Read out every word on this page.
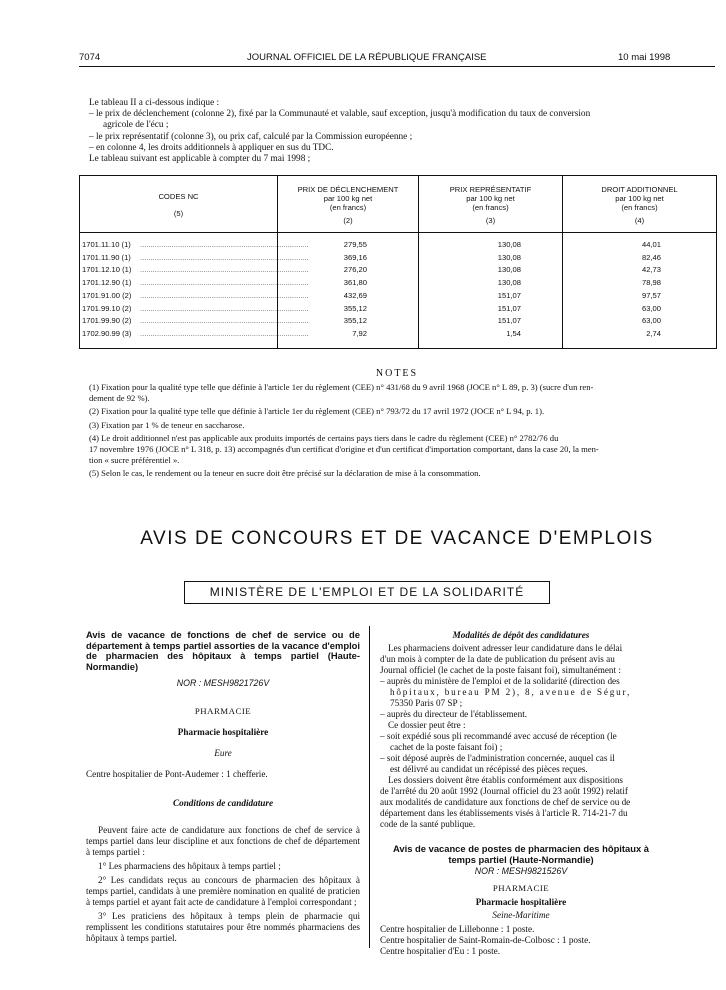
7074	JOURNAL OFFICIEL DE LA RÉPUBLIQUE FRANÇAISE	10 mai 1998

Le tableau II a ci-dessous indique :

– le prix de déclenchement (colonne 2), fixé par la Communauté et valable, sauf exception, jusqu'à modification du taux de conversion

agricole de l'écu ;

– le prix représentatif (colonne 3), ou prix caf, calculé par la Commission européenne ;

– en colonne 4, les droits additionnels à appliquer en sus du TDC.

Le tableau suivant est applicable à compter du 7 mai 1998 ;

CODES NC
(5)
PRIX DE DÉCLENCHEMENT
par 100 kg net
(en francs)
(2)
PRIX REPRÉSENTATIF
par 100 kg net
(en francs)
(3)
DROIT ADDITIONNEL
par 100 kg net
(en francs)
(4)
1701.11.10 (1) ................................................................................	279,55	130,08	44,01
1701.11.90 (1) ................................................................................	369,16	130,08	82,46
1701.12.10 (1) ................................................................................	276,20	130,08	42,73
1701.12.90 (1) ................................................................................	361,80	130,08	78,98
1701.91.00 (2) ................................................................................	432,69	151,07	97,57
1701.99.10 (2) ................................................................................	355,12	151,07	63,00
1701.99.90 (2) ................................................................................	355,12	151,07	63,00
1702.90.99 (3) ................................................................................	7,92	1,54	2,74
NOTES

(1) Fixation pour la qualité type telle que définie à l'article 1er du règlement (CEE) n° 431/68 du 9 avril 1968 (JOCE n° L 89, p. 3) (sucre d'un ren-

dement de 92 %).

(2) Fixation pour la qualité type telle que définie à l'article 1er du règlement (CEE) n° 793/72 du 17 avril 1972 (JOCE n° L 94, p. 1).

(3) Fixation par 1 % de teneur en saccharose.

(4) Le droit additionnel n'est pas applicable aux produits importés de certains pays tiers dans le cadre du règlement (CEE) n° 2782/76 du

17 novembre 1976 (JOCE n° L 318, p. 13) accompagnés d'un certificat d'origine et d'un certificat d'importation comportant, dans la case 20, la men-

tion « sucre préférentiel ».

(5) Selon le cas, le rendement ou la teneur en sucre doit être précisé sur la déclaration de mise à la consommation.

AVIS DE CONCOURS ET DE VACANCE D'EMPLOIS
MINISTÈRE DE L'EMPLOI ET DE LA SOLIDARITÉ

Avis de vacance de fonctions de chef de service ou de département à temps partiel assorties de la vacance d'emploi de pharmacien des hôpitaux à temps partiel (Haute-Normandie)

NOR : MESH9821726V

PHARMACIE

Pharmacie hospitalière

Eure

Centre hospitalier de Pont-Audemer : 1 chefferie.

Conditions de candidature

Peuvent faire acte de candidature aux fonctions de chef de service à temps partiel dans leur discipline et aux fonctions de chef de département à temps partiel :

1° Les pharmaciens des hôpitaux à temps partiel ;

2° Les candidats reçus au concours de pharmacien des hôpitaux à temps partiel, candidats à une première nomination en qualité de praticien à temps partiel et ayant fait acte de candidature à l'emploi correspondant ;

3° Les praticiens des hôpitaux à temps plein de pharmacie qui remplissent les conditions statutaires pour être nommés pharmaciens des hôpitaux à temps partiel.

Modalités de dépôt des candidatures

Les pharmaciens doivent adresser leur candidature dans le délai

d'un mois à compter de la date de publication du présent avis au

Journal officiel (le cachet de la poste faisant foi), simultanément :

– auprès du ministère de l'emploi et de la solidarité (direction des

hôpitaux, bureau PM 2), 8, avenue de Ségur,

75350 Paris 07 SP ;

– auprès du directeur de l'établissement.

Ce dossier peut être :

– soit expédié sous pli recommandé avec accusé de réception (le

cachet de la poste faisant foi) ;

– soit déposé auprès de l'administration concernée, auquel cas il

est délivré au candidat un récépissé des pièces reçues.

Les dossiers doivent être établis conformément aux dispositions

de l'arrêté du 20 août 1992 (Journal officiel du 23 août 1992) relatif

aux modalités de candidature aux fonctions de chef de service ou de

département dans les établissements visés à l'article R. 714-21-7 du

code de la santé publique.

Avis de vacance de postes de pharmacien des hôpitaux à temps partiel (Haute-Normandie)

NOR : MESH9821526V

PHARMACIE

Pharmacie hospitalière

Seine-Maritime

Centre hospitalier de Lillebonne : 1 poste.

Centre hospitalier de Saint-Romain-de-Colbosc : 1 poste.

Centre hospitalier d'Eu : 1 poste.
